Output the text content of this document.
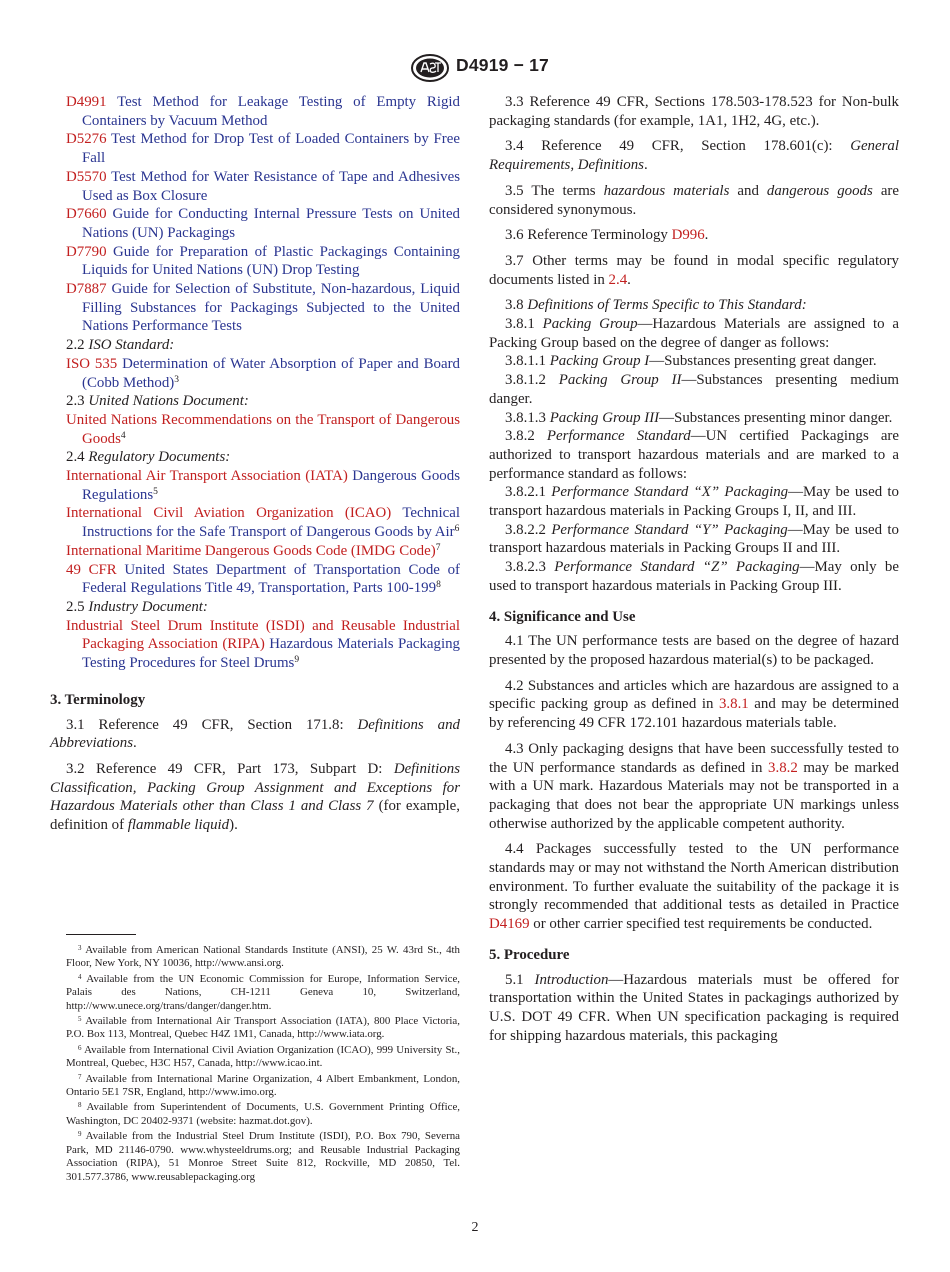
D4919 − 17

D4991 Test Method for Leakage Testing of Empty Rigid Containers by Vacuum Method

D5276 Test Method for Drop Test of Loaded Containers by Free Fall

D5570 Test Method for Water Resistance of Tape and Adhesives Used as Box Closure

D7660 Guide for Conducting Internal Pressure Tests on United Nations (UN) Packagings

D7790 Guide for Preparation of Plastic Packagings Containing Liquids for United Nations (UN) Drop Testing

D7887 Guide for Selection of Substitute, Non-hazardous, Liquid Filling Substances for Packagings Subjected to the United Nations Performance Tests

2.2 ISO Standard:

ISO 535 Determination of Water Absorption of Paper and Board (Cobb Method)$^3$

2.3 United Nations Document:

United Nations Recommendations on the Transport of Dangerous Goods$^4$

2.4 Regulatory Documents:

International Air Transport Association (IATA) Dangerous Goods Regulations$^5$

International Civil Aviation Organization (ICAO) Technical Instructions for the Safe Transport of Dangerous Goods by Air$^6$

International Maritime Dangerous Goods Code (IMDG Code)$^7$

49 CFR United States Department of Transportation Code of Federal Regulations Title 49, Transportation, Parts $100-199^8$

2.5 Industry Document:

Industrial Steel Drum Institute (ISDI) and Reusable Industrial Packaging Association (RIPA) Hazardous Materials Packaging Testing Procedures for Steel Drums$^9$

3. Terminology

3.1 Reference 49 CFR, Section 171.8: Definitions and Abbreviations.

3.2 Reference 49 CFR, Part 173, Subpart D: Definitions Classification, Packing Group Assignment and Exceptions for Hazardous Materials other than Class 1 and Class 7 (for example, definition of flammable liquid).

3.3 Reference 49 CFR, Sections 178.503-178.523 for Non-bulk packaging standards (for example, 1A1, 1H2, 4G, etc.).

3.4 Reference 49 CFR, Section 178.601(c): General Requirements, Definitions.

3.5 The terms hazardous materials and dangerous goods are considered synonymous.

3.6 Reference Terminology D996.

3.7 Other terms may be found in modal specific regulatory documents listed in 2.4.

3.8 Definitions of Terms Specific to This Standard:

3.8.1 Packing Group—Hazardous Materials are assigned to a Packing Group based on the degree of danger as follows:

3.8.1.1 Packing Group I—Substances presenting great danger.

3.8.1.2 Packing Group II—Substances presenting medium danger.

3.8.1.3 Packing Group III—Substances presenting minor danger.

3.8.2 Performance Standard—UN certified Packagings are authorized to transport hazardous materials and are marked to a performance standard as follows:

3.8.2.1 Performance Standard “X” Packaging—May be used to transport hazardous materials in Packing Groups I, II, and III.

3.8.2.2 Performance Standard “Y” Packaging—May be used to transport hazardous materials in Packing Groups II and III.

3.8.2.3 Performance Standard “Z” Packaging—May only be used to transport hazardous materials in Packing Group III.

4. Significance and Use

4.1 The UN performance tests are based on the degree of hazard presented by the proposed hazardous material(s) to be packaged.

4.2 Substances and articles which are hazardous are assigned to a specific packing group as defined in 3.8.1 and may be determined by referencing 49 CFR 172.101 hazardous materials table.

4.3 Only packaging designs that have been successfully tested to the UN performance standards as defined in 3.8.2 may be marked with a UN mark. Hazardous Materials may not be transported in a packaging that does not bear the appropriate UN markings unless otherwise authorized by the applicable competent authority.

4.4 Packages successfully tested to the UN performance standards may or may not withstand the North American distribution environment. To further evaluate the suitability of the package it is strongly recommended that additional tests as detailed in Practice D4169 or other carrier specified test requirements be conducted.

5. Procedure

5.1 Introduction—Hazardous materials must be offered for transportation within the United States in packagings authorized by U.S. DOT 49 CFR. When UN specification packaging is required for shipping hazardous materials, this packaging

$^3$ Available from American National Standards Institute (ANSI), 25 W. 43rd St., 4th Floor, New York, NY 10036, http://www.ansi.org.

$^4$ Available from the UN Economic Commission for Europe, Information Service, Palais des Nations, CH-1211 Geneva 10, Switzerland, http://www.unece.org/trans/danger/danger.htm.

$^5$ Available from International Air Transport Association (IATA), 800 Place Victoria, P.O. Box 113, Montreal, Quebec H4Z 1M1, Canada, http://www.iata.org.

$^6$ Available from International Civil Aviation Organization (ICAO), 999 University St., Montreal, Quebec, H3C H57, Canada, http://www.icao.int.

$^7$ Available from International Marine Organization, 4 Albert Embankment, London, Ontario 5E1 7SR, England, http://www.imo.org.

$^8$ Available from Superintendent of Documents, U.S. Government Printing Office, Washington, DC 20402-9371 (website: hazmat.dot.gov).

$^9$ Available from the Industrial Steel Drum Institute (ISDI), P.O. Box 790, Severna Park, MD 21146-0790. www.whysteeldrums.org; and Reusable Industrial Packaging Association (RIPA), 51 Monroe Street Suite 812, Rockville, MD 20850, Tel. 301.577.3786, www.reusablepackaging.org

2
